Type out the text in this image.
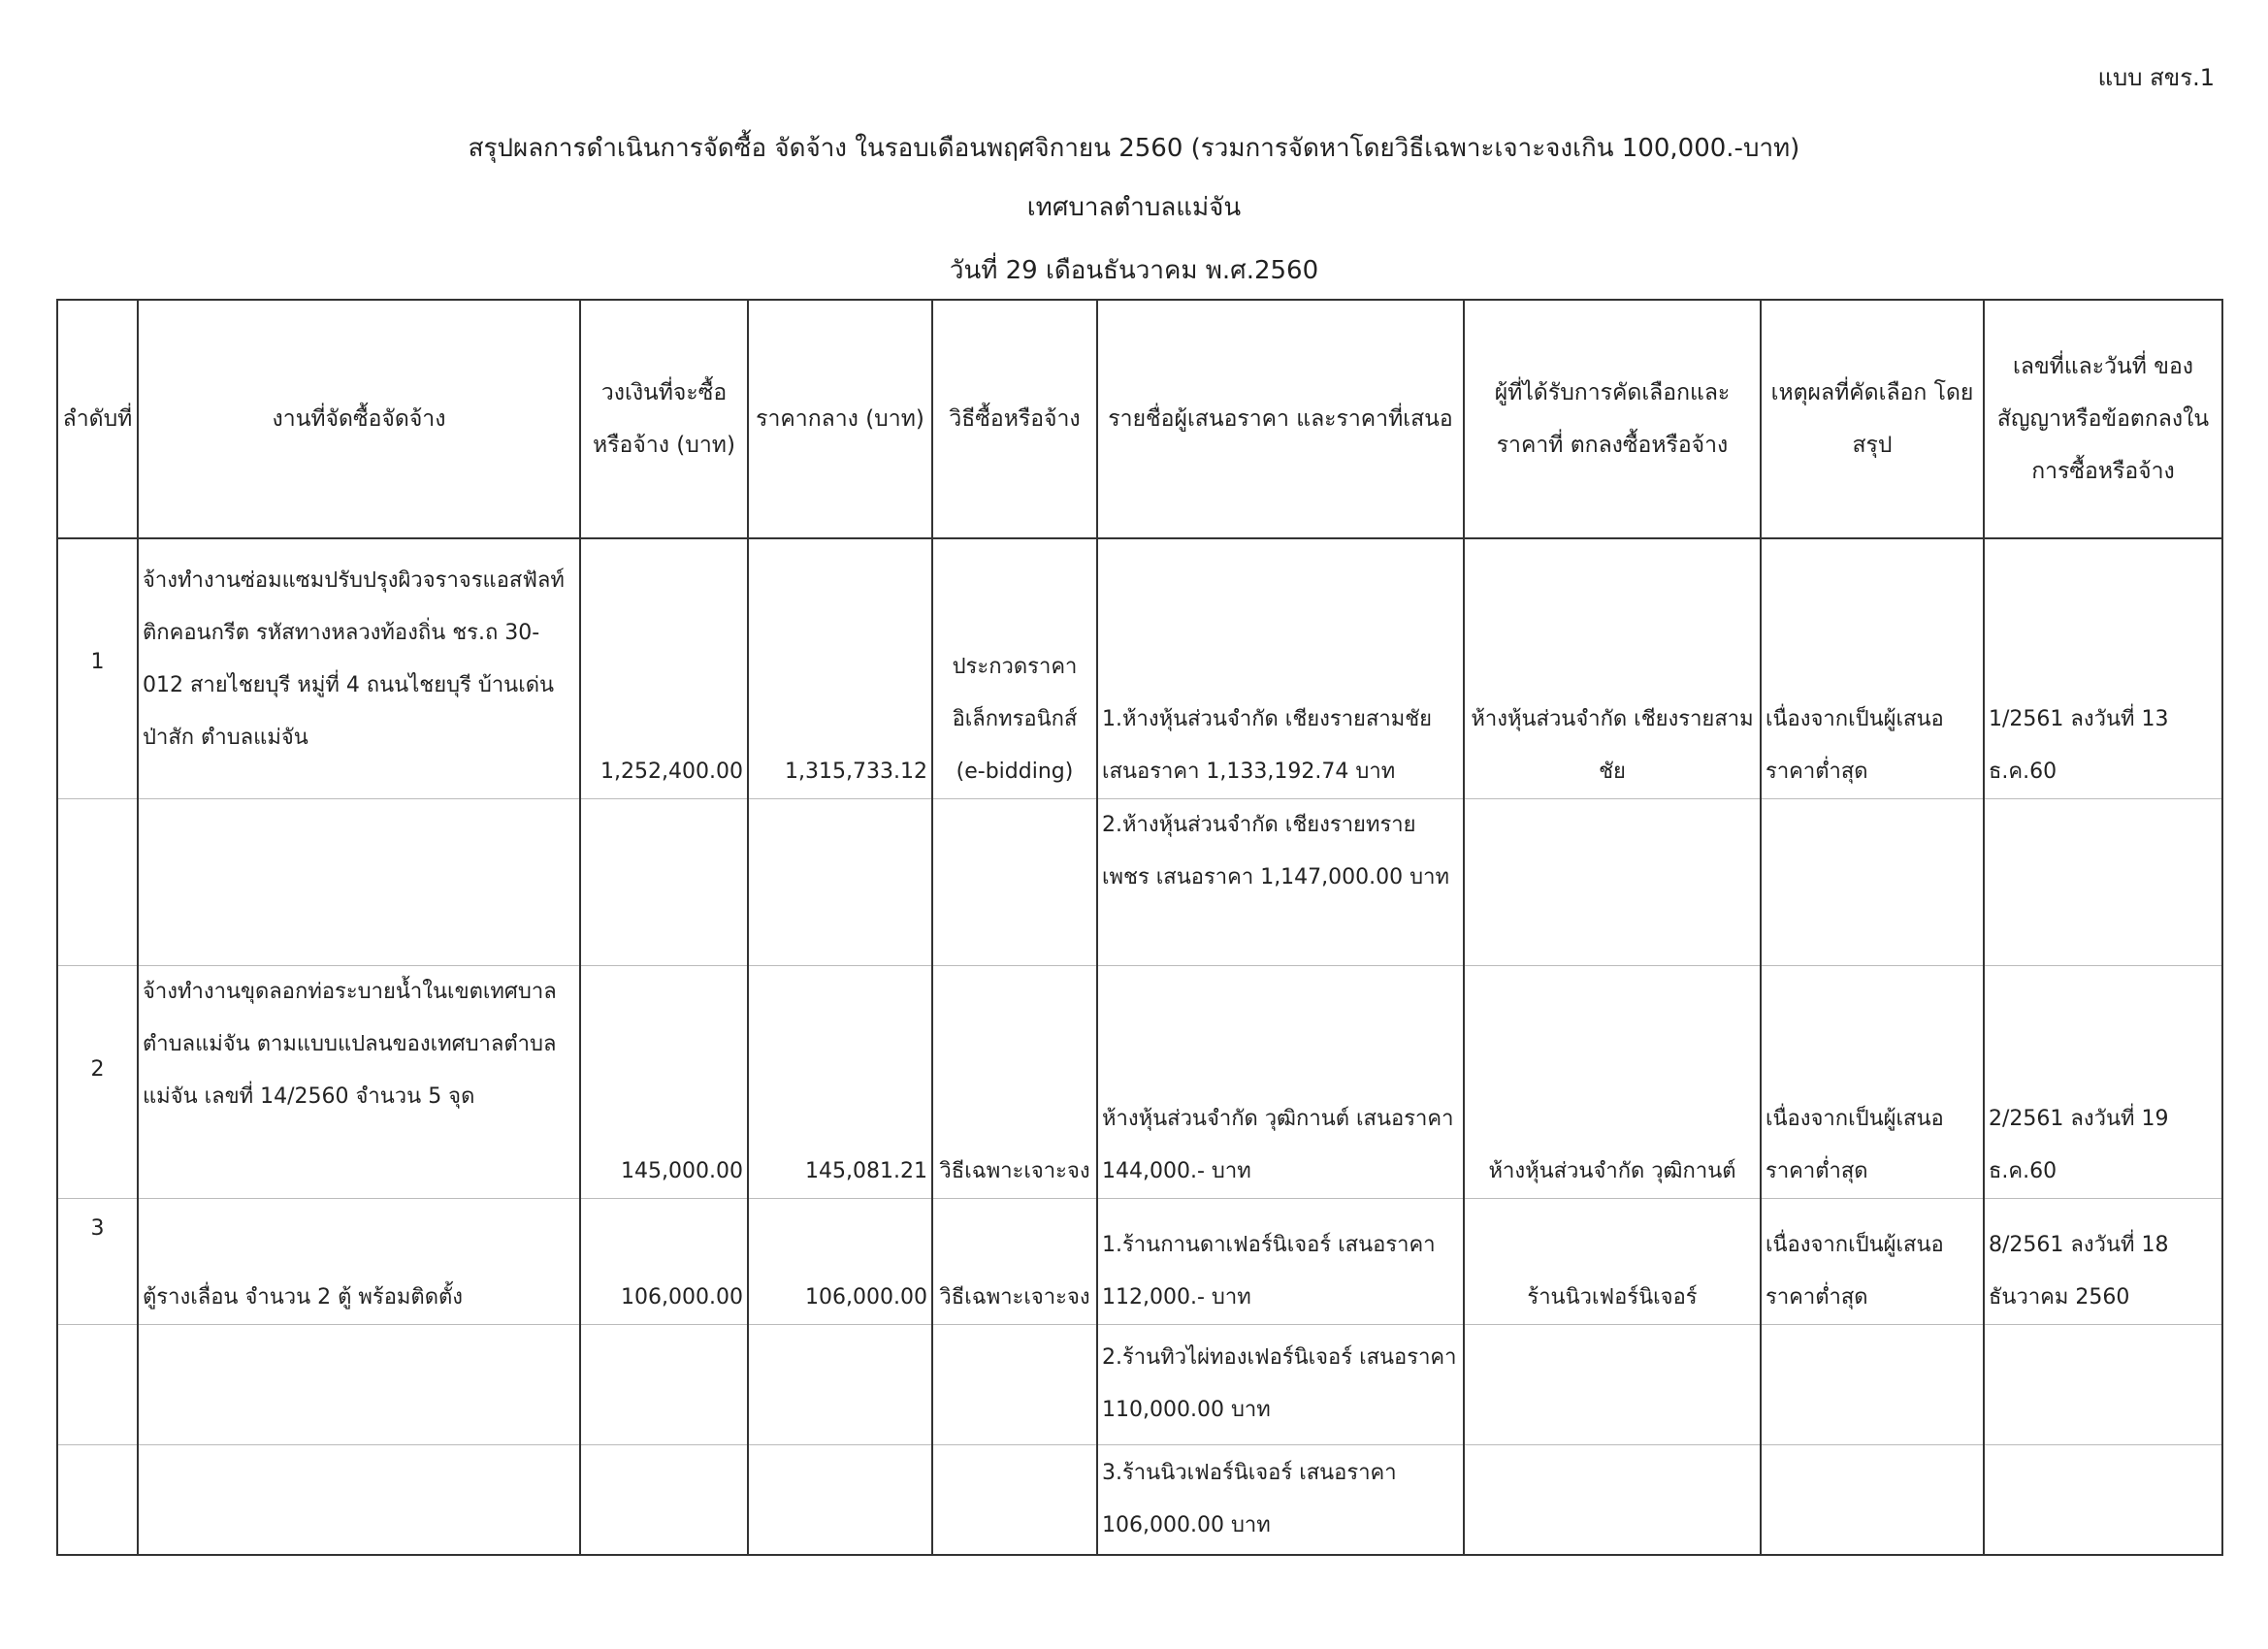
แบบ สขร.1
สรุปผลการดำเนินการจัดซื้อ จัดจ้าง ในรอบเดือนพฤศจิกายน 2560 (รวมการจัดหาโดยวิธีเฉพาะเจาะจงเกิน 100,000.-บาท)
เทศบาลตำบลแม่จัน
วันที่ 29 เดือนธันวาคม พ.ศ.2560
ลำดับที่	งานที่จัดซื้อจัดจ้าง	วงเงินที่จะซื้อหรือจ้าง (บาท)	ราคากลาง (บาท)	วิธีซื้อหรือจ้าง	รายชื่อผู้เสนอราคา และราคาที่เสนอ	ผู้ที่ได้รับการคัดเลือกและราคาที่ ตกลงซื้อหรือจ้าง	เหตุผลที่คัดเลือก โดยสรุป	เลขที่และวันที่ ของสัญญาหรือข้อตกลงในการซื้อหรือจ้าง
1	จ้างทำงานซ่อมแซมปรับปรุงผิวจราจรแอสฟัลท์ติกคอนกรีต รหัสทางหลวงท้องถิ่น ชร.ถ 30-012 สายไชยบุรี หมู่ที่ 4 ถนนไชยบุรี บ้านเด่นป่าสัก ตำบลแม่จัน	1,252,400.00	1,315,733.12	ประกวดราคาอิเล็กทรอนิกส์ (e-bidding)	1.ห้างหุ้นส่วนจำกัด เชียงรายสามชัย เสนอราคา 1,133,192.74 บาท	ห้างหุ้นส่วนจำกัด เชียงรายสามชัย	เนื่องจากเป็นผู้เสนอราคาต่ำสุด	1/2561 ลงวันที่ 13 ธ.ค.60
					2.ห้างหุ้นส่วนจำกัด เชียงรายทรายเพชร เสนอราคา 1,147,000.00 บาท			
2	จ้างทำงานขุดลอกท่อระบายน้ำในเขตเทศบาลตำบลแม่จัน ตามแบบแปลนของเทศบาลตำบลแม่จัน เลขที่ 14/2560 จำนวน 5 จุด	145,000.00	145,081.21	วิธีเฉพาะเจาะจง	ห้างหุ้นส่วนจำกัด วุฒิกานต์ เสนอราคา 144,000.- บาท	ห้างหุ้นส่วนจำกัด วุฒิกานต์	เนื่องจากเป็นผู้เสนอราคาต่ำสุด	2/2561 ลงวันที่ 19 ธ.ค.60
3	ตู้รางเลื่อน จำนวน 2 ตู้ พร้อมติดตั้ง	106,000.00	106,000.00	วิธีเฉพาะเจาะจง	1.ร้านกานดาเฟอร์นิเจอร์ เสนอราคา 112,000.- บาท	ร้านนิวเฟอร์นิเจอร์	เนื่องจากเป็นผู้เสนอราคาต่ำสุด	8/2561 ลงวันที่ 18 ธันวาคม 2560
					2.ร้านทิวไผ่ทองเฟอร์นิเจอร์ เสนอราคา 110,000.00 บาท			
					3.ร้านนิวเฟอร์นิเจอร์ เสนอราคา 106,000.00 บาท			
